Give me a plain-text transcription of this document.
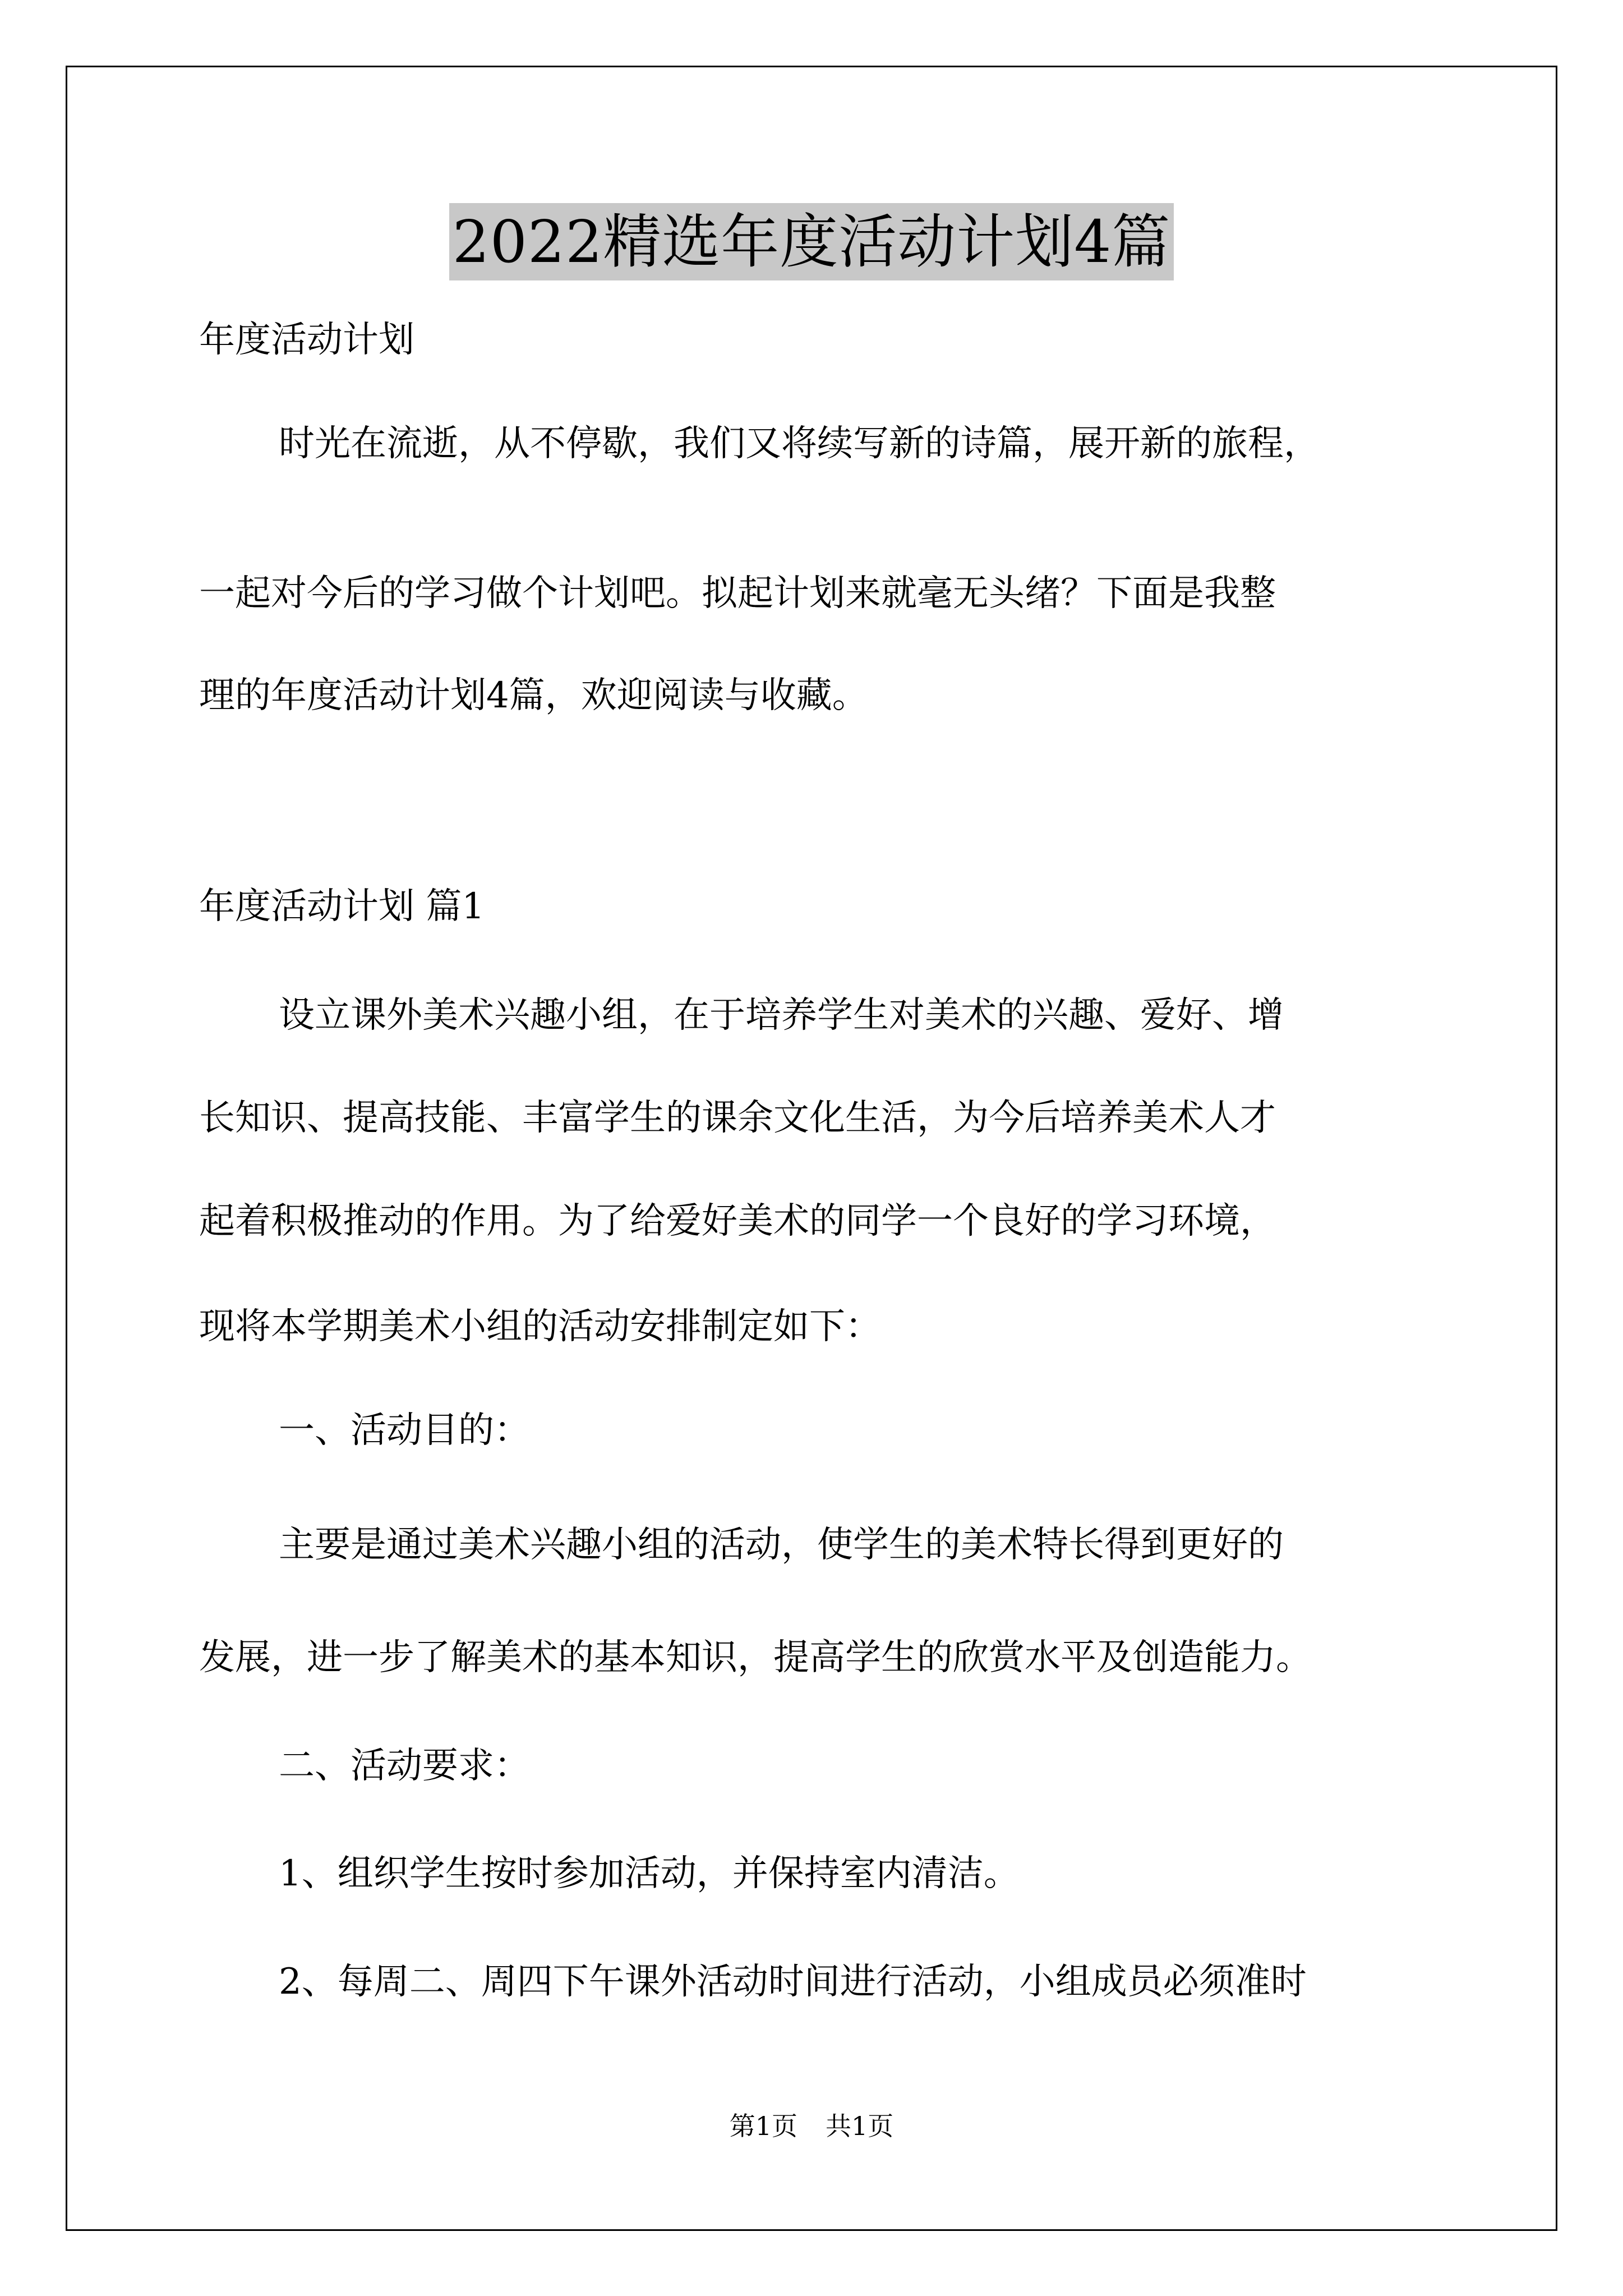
2022精选年度活动计划4篇
年度活动计划
时光在流逝，从不停歇，我们又将续写新的诗篇，展开新的旅程，
一起对今后的学习做个计划吧。拟起计划来就毫无头绪？下面是我整
理的年度活动计划4篇，欢迎阅读与收藏。
年度活动计划 篇1
设立课外美术兴趣小组，在于培养学生对美术的兴趣、爱好、增
长知识、提高技能、丰富学生的课余文化生活，为今后培养美术人才
起着积极推动的作用。为了给爱好美术的同学一个良好的学习环境，
现将本学期美术小组的活动安排制定如下：
一、活动目的：
主要是通过美术兴趣小组的活动，使学生的美术特长得到更好的
发展，进一步了解美术的基本知识，提高学生的欣赏水平及创造能力。
二、活动要求：
1、组织学生按时参加活动，并保持室内清洁。
2、每周二、周四下午课外活动时间进行活动，小组成员必须准时
第1页 共1页
